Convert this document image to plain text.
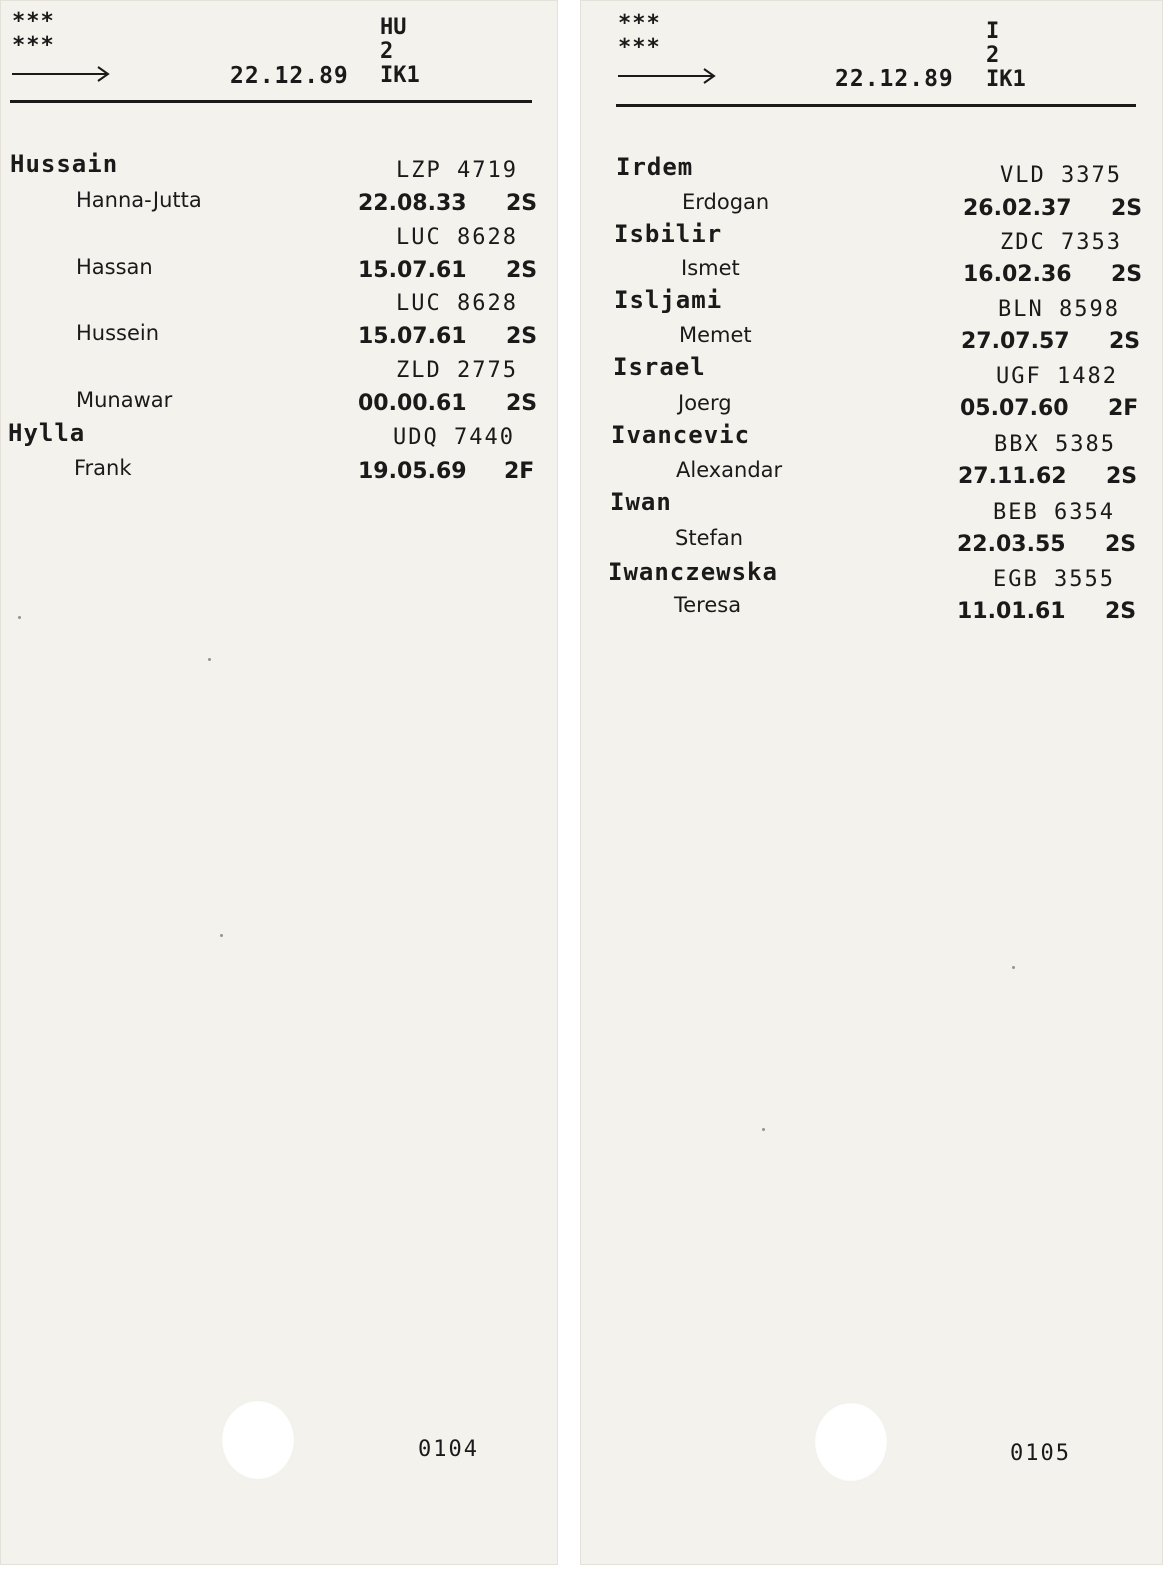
***
***
22.12.89
HU
2
IK1
Hussain	LZP 4719
Hanna-Jutta	22.08.33 2S
LUC 8628
Hassan	15.07.61 2S
LUC 8628
Hussein	15.07.61 2S
ZLD 2775
Munawar	00.00.61 2S
Hylla	UDQ 7440
Frank	19.05.69 2F
0104
***
***
22.12.89
I
2
IK1
Irdem	VLD 3375
Erdogan	26.02.37 2S
Isbilir	ZDC 7353
Ismet	16.02.36 2S
Isljami	BLN 8598
Memet	27.07.57 2S
Israel	UGF 1482
Joerg	05.07.60 2F
Ivancevic	BBX 5385
Alexandar	27.11.62 2S
Iwan	BEB 6354
Stefan	22.03.55 2S
Iwanczewska	EGB 3555
Teresa	11.01.61 2S
0105
